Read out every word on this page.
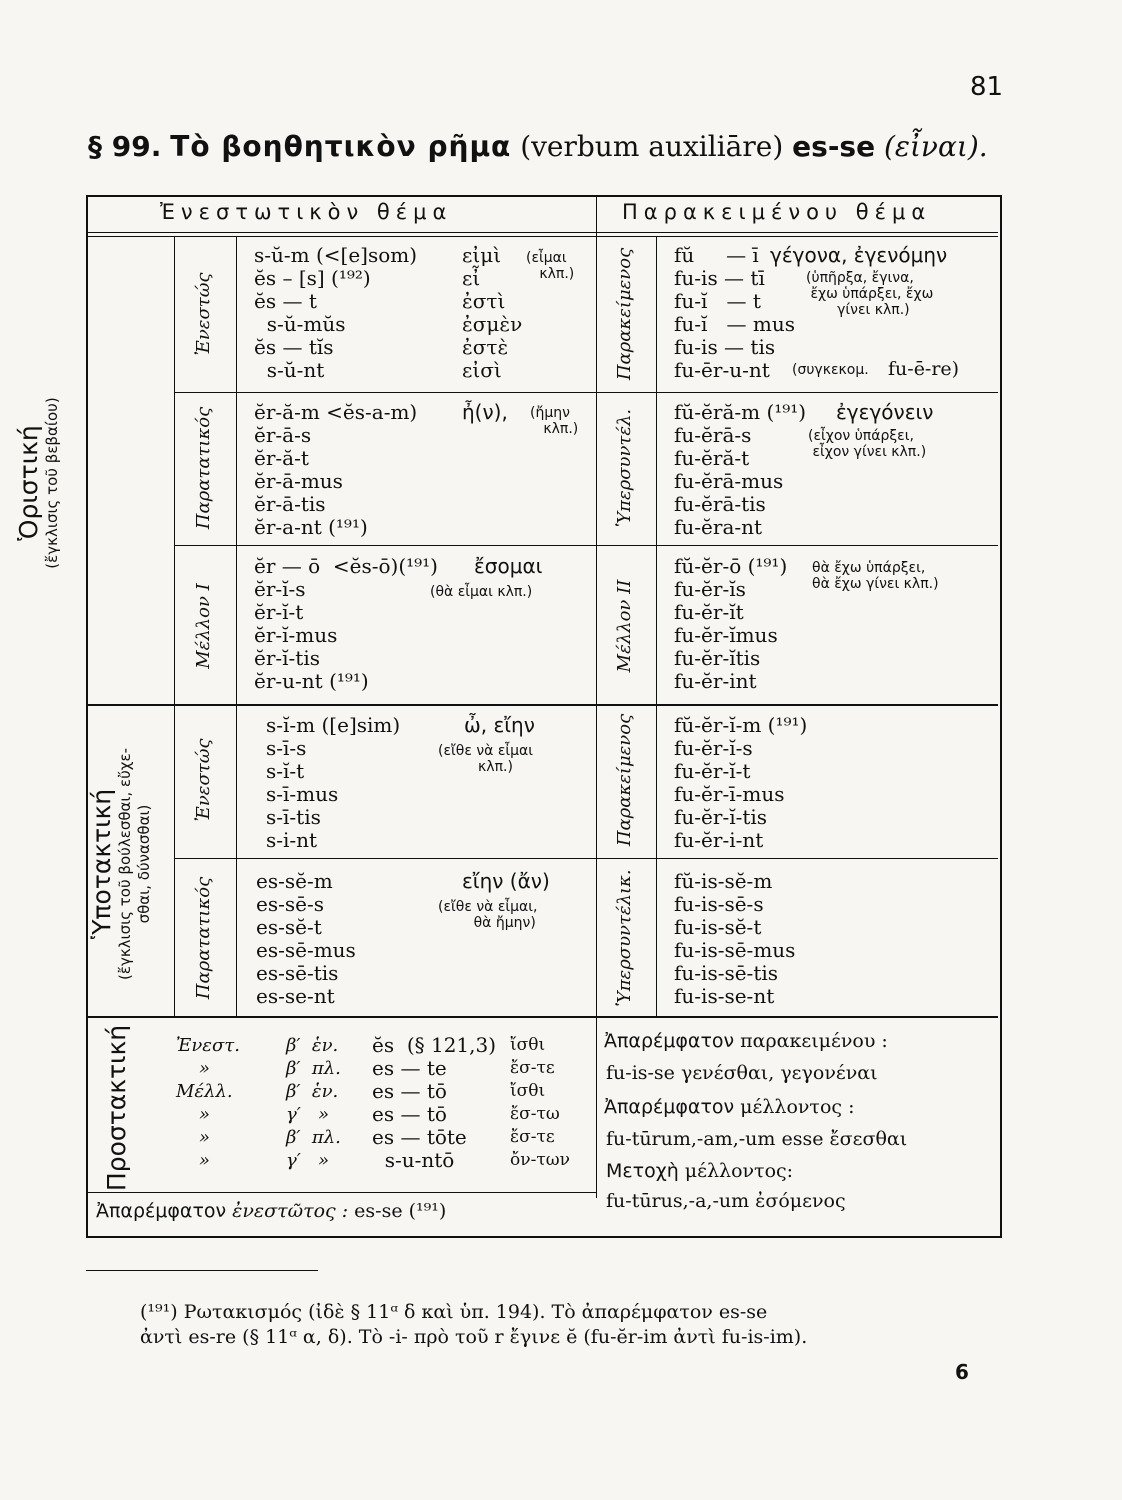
81
§ 99. Τὸ βοηθητικὸν ρῆμα (verbum auxiliāre) es-se (εἶναι).
Ἐνεστωτικὸν θέμα	Παρακειμένου θέμα
Ὁριστική (ἔγκλισις τοῦ βεβαίου)
Ὑποτακτική (ἔγκλισις τοῦ βούλεσθαι, εὔχε- σθαι, δύνασθαι)
Προστακτική
Ἐνεστώς
Παρατατικός
Μέλλον Ι
Παρακείμενος
Ὑπερσυντέλ.
Μέλλον ΙΙ
Ἐνεστώς
Παρατατικός
Παρακείμενος
Ὑπερσυντέλικ.
s-ŭ-m (<[e]som)
ĕs – [s] (¹⁹²)
ĕs — t
s-ŭ-mŭs
ĕs — tĭs
s-ŭ-nt
εἰμὶ
εἶ
ἐστὶ
ἐσμὲν
ἐστὲ
εἰσὶ
(εἶμαι
κλπ.)
ĕr-ă-m <ĕs-a-m)
ĕr-ā-s
ĕr-ă-t
ĕr-ā-mus
ĕr-ā-tis
ĕr-a-nt (¹⁹¹)
ἦ(ν), (ἤμην
κλπ.)
ĕr — ō  <ĕs-ō)(¹⁹¹)
ĕr-ĭ-s
ĕr-ĭ-t
ĕr-ĭ-mus
ĕr-ĭ-tis
ĕr-u-nt (¹⁹¹)
ἔσομαι
(θὰ εἶμαι κλπ.)
fŭ     — ī
fu-is — tī
fu-ĭ   — t
fu-ĭ   — mus
fu-is — tis
fu-ēr-u-nt
γέγονα, ἐγενόμην
(ὑπῆρξα, ἔγινα,
ἔχω ὑπάρξει, ἔχω
γίνει κλπ.)
(συγκεκομ. fu-ē-re)
fŭ-ĕră-m (¹⁹¹)
fu-ĕrā-s
fu-ĕră-t
fu-ĕrā-mus
fu-ĕrā-tis
fu-ĕra-nt
ἐγεγόνειν
(εἶχον ὑπάρξει,
εἶχον γίνει κλπ.)
fŭ-ĕr-ō (¹⁹¹)
fu-ĕr-ĭs
fu-ĕr-ĭt
fu-ĕr-ĭmus
fu-ĕr-ĭtis
fu-ĕr-int
θὰ ἔχω ὑπάρξει,
θὰ ἔχω γίνει κλπ.)
s-ĭ-m ([e]sim)
s-ī-s
s-ĭ-t
s-ī-mus
s-ī-tis
s-i-nt
ὦ, εἴην
(εἴθε νὰ εἶμαι
κλπ.)
es-sĕ-m
es-sē-s
es-sĕ-t
es-sē-mus
es-sē-tis
es-se-nt
εἴην (ἄν)
(εἴθε νὰ εἶμαι,
θὰ ἤμην)
fŭ-ĕr-ĭ-m (¹⁹¹)
fu-ĕr-ĭ-s
fu-ĕr-ĭ-t
fu-ĕr-ī-mus
fu-ĕr-ĭ-tis
fu-ĕr-i-nt
fŭ-is-sĕ-m
fu-is-sē-s
fu-is-sĕ-t
fu-is-sē-mus
fu-is-sē-tis
fu-is-se-nt
Ἐνεστ.
»
Μέλλ.
»
»
»
β′  ἑν.
β′  πλ.
β′  ἑν.
γ′   »
β′  πλ.
γ′   »
ĕs  (§ 121,3)
es — te
es — tō
es — tō
es — tōte
s-u-ntō
ἴσθι
ἔσ-τε
ἴσθι
ἔσ-τω
ἔσ-τε
ὄν-των
Ἀπαρέμφατον ἐνεστῶτος : es-se (¹⁹¹)
Ἀπαρέμφατον παρακειμένου :
fu-is-se γενέσθαι, γεγονέναι
Ἀπαρέμφατον μέλλοντος :
fu-tūrum,-am,-um esse ἔσεσθαι
Μετοχὴ μέλλοντος:
fu-tūrus,-a,-um ἐσόμενος
(¹⁹¹) Ρωτακισμός (ἰδὲ § 11ᵅ δ καὶ ὑπ. 194). Τὸ ἀπαρέμφατον es-se
ἀντὶ es-re (§ 11ᵅ α, δ). Τὸ -i- πρὸ τοῦ r ἔγινε ĕ (fu-ĕr-im ἀντὶ fu-is-im).
6
